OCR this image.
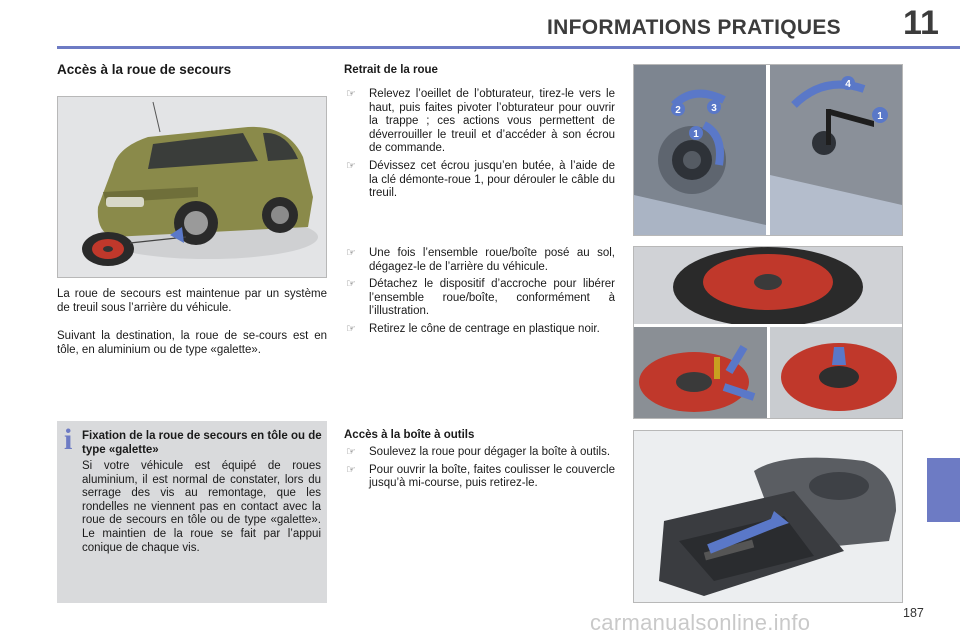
INFORMATIONS PRATIQUES 11
Accès à la roue de secours

La roue de secours est maintenue par un système de treuil sous l’arrière du véhicule.

Suivant la destination, la roue de se-cours est en tôle, en aluminium ou de type «galette».

i Fixation de la roue de secours en tôle ou de type «galette»

Si votre véhicule est équipé de roues aluminium, il est normal de constater, lors du serrage des vis au remontage, que les rondelles ne viennent pas en contact avec la roue de secours en tôle ou de type «galette». Le maintien de la roue se fait par l’appui conique de chaque vis.

Retrait de la roue
☞ Relevez l’oeillet de l’obturateur, tirez-le vers le haut, puis faites pivoter l’obturateur pour ouvrir la trappe ; ces actions vous permettent de déverrouiller le treuil et d’accéder à son écrou de commande.
☞ Dévissez cet écrou jusqu’en butée, à l’aide de la clé démonte-roue 1, pour dérouler le câble du treuil.
☞ Une fois l’ensemble roue/boîte posé au sol, dégagez-le de l’arrière du véhicule.
☞ Détachez le dispositif d’accroche pour libérer l’ensemble roue/boîte, conformément à l’illustration.
☞ Retirez le cône de centrage en plastique noir.
Accès à la boîte à outils
☞ Soulevez la roue pour dégager la boîte à outils.
☞ Pour ouvrir la boîte, faites coulisser le couvercle jusqu’à mi-course, puis retirez-le.
2	3
1
1
4
187
carmanualsonline.info
